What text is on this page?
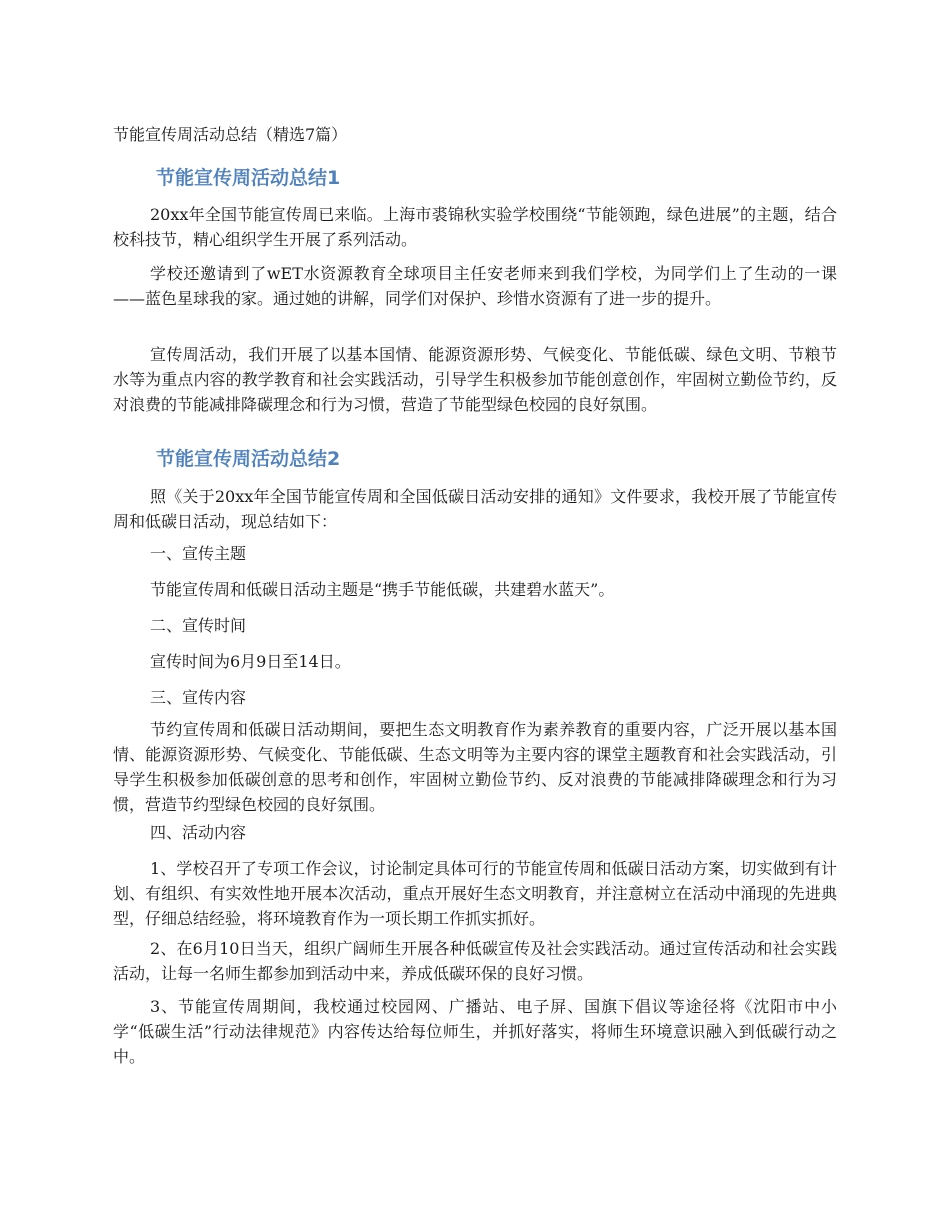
节能宣传周活动总结（精选7篇）

节能宣传周活动总结1

20xx年全国节能宣传周已来临。上海市裘锦秋实验学校围绕“节能领跑，绿色进展”的主题，结合校科技节，精心组织学生开展了系列活动。

学校还邀请到了wET水资源教育全球项目主任安老师来到我们学校，为同学们上了生动的一课——蓝色星球我的家。通过她的讲解，同学们对保护、珍惜水资源有了进一步的提升。

宣传周活动，我们开展了以基本国情、能源资源形势、气候变化、节能低碳、绿色文明、节粮节水等为重点内容的教学教育和社会实践活动，引导学生积极参加节能创意创作，牢固树立勤俭节约，反对浪费的节能减排降碳理念和行为习惯，营造了节能型绿色校园的良好氛围。

节能宣传周活动总结2

照《关于20xx年全国节能宣传周和全国低碳日活动安排的通知》文件要求，我校开展了节能宣传周和低碳日活动，现总结如下：

一、宣传主题

节能宣传周和低碳日活动主题是“携手节能低碳，共建碧水蓝天”。

二、宣传时间

宣传时间为6月9日至14日。

三、宣传内容

节约宣传周和低碳日活动期间，要把生态文明教育作为素养教育的重要内容，广泛开展以基本国情、能源资源形势、气候变化、节能低碳、生态文明等为主要内容的课堂主题教育和社会实践活动，引导学生积极参加低碳创意的思考和创作，牢固树立勤俭节约、反对浪费的节能减排降碳理念和行为习惯，营造节约型绿色校园的良好氛围。

四、活动内容

1、学校召开了专项工作会议，讨论制定具体可行的节能宣传周和低碳日活动方案，切实做到有计划、有组织、有实效性地开展本次活动，重点开展好生态文明教育，并注意树立在活动中涌现的先进典型，仔细总结经验，将环境教育作为一项长期工作抓实抓好。

2、在6月10日当天，组织广阔师生开展各种低碳宣传及社会实践活动。通过宣传活动和社会实践活动，让每一名师生都参加到活动中来，养成低碳环保的良好习惯。

3、节能宣传周期间，我校通过校园网、广播站、电子屏、国旗下倡议等途径将《沈阳市中小学“低碳生活”行动法律规范》内容传达给每位师生，并抓好落实，将师生环境意识融入到低碳行动之中。
